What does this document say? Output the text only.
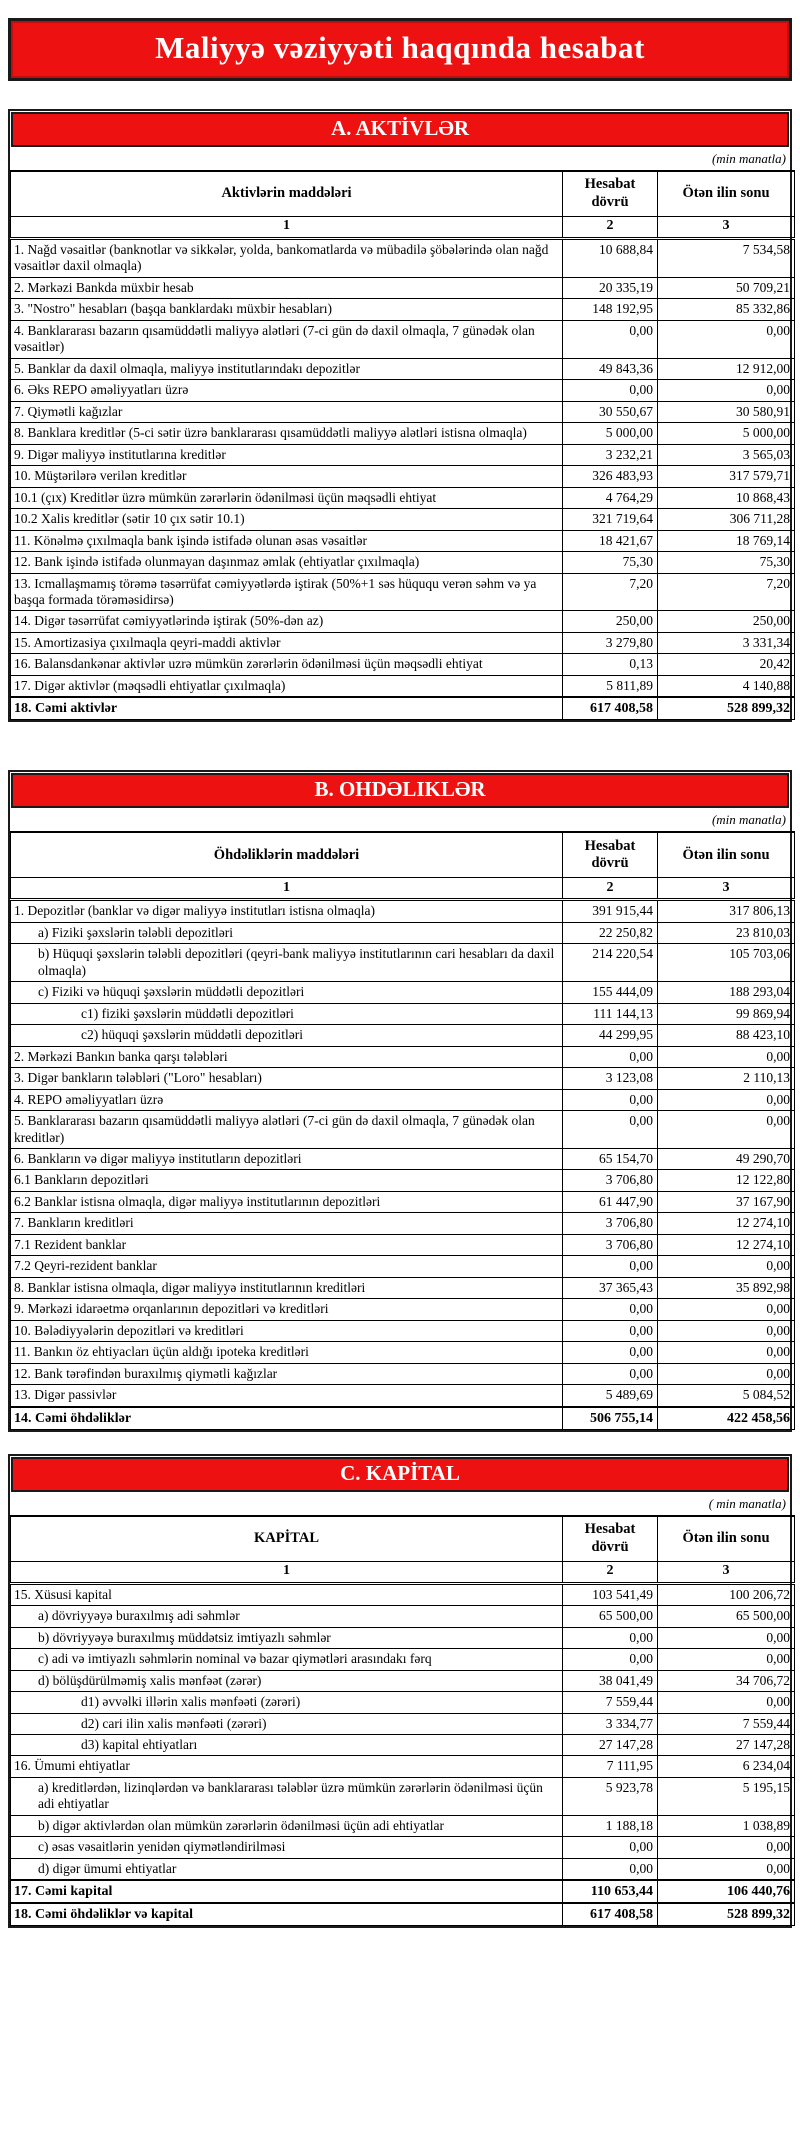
Maliyyə vəziyyəti haqqında hesabat
A. AKTİVLƏR
(min manatla)
Aktivlərin maddələri	Hesabat dövrü	Ötən ilin sonu
1	2	3
1. Nağd vəsaitlər (banknotlar və sikkələr, yolda, bankomatlarda və mübadilə şöbələrində olan nağd vəsaitlər daxil olmaqla)	10 688,84	7 534,58
2. Mərkəzi Bankda müxbir hesab	20 335,19	50 709,21
3. "Nostro" hesabları (başqa banklardakı müxbir hesabları)	148 192,95	85 332,86
4. Banklararası bazarın qısamüddətli maliyyə alətləri (7-ci gün də daxil olmaqla, 7 günədək olan vəsaitlər)	0,00	0,00
5. Banklar da daxil olmaqla, maliyyə institutlarındakı depozitlər	49 843,36	12 912,00
6. Əks REPO əməliyyatları üzrə	0,00	0,00
7. Qiymətli kağızlar	30 550,67	30 580,91
8. Banklara kreditlər (5-ci sətir üzrə banklararası qısamüddətli maliyyə alətləri istisna olmaqla)	5 000,00	5 000,00
9. Digər maliyyə institutlarına kreditlər	3 232,21	3 565,03
10. Müştərilərə verilən kreditlər	326 483,93	317 579,71
10.1 (çıx) Kreditlər üzrə mümkün zərərlərin ödənilməsi üçün məqsədli ehtiyat	4 764,29	10 868,43
10.2 Xalis kreditlər (sətir 10 çıx sətir 10.1)	321 719,64	306 711,28
11. Könəlmə çıxılmaqla bank işində istifadə olunan əsas vəsaitlər	18 421,67	18 769,14
12. Bank işində istifadə olunmayan daşınmaz əmlak (ehtiyatlar çıxılmaqla)	75,30	75,30
13. Icmallaşmamış törəmə təsərrüfat cəmiyyətlərdə iştirak (50%+1 səs hüququ verən səhm və ya başqa formada törəməsidirsə)	7,20	7,20
14. Digər təsərrüfat cəmiyyətlərində iştirak (50%-dən az)	250,00	250,00
15. Amortizasiya çıxılmaqla qeyri-maddi aktivlər	3 279,80	3 331,34
16. Balansdankənar aktivlər uzrə mümkün zərərlərin ödənilməsi üçün məqsədli ehtiyat	0,13	20,42
17. Digər aktivlər (məqsədli ehtiyatlar çıxılmaqla)	5 811,89	4 140,88
18. Cəmi aktivlər	617 408,58	528 899,32
B. OHDƏLIKLƏR
(min manatla)
Öhdəliklərin maddələri	Hesabat dövrü	Ötən ilin sonu
1	2	3
1. Depozitlər (banklar və digər maliyyə institutları istisna olmaqla)	391 915,44	317 806,13
a) Fiziki şəxslərin tələbli depozitləri	22 250,82	23 810,03
b) Hüquqi şəxslərin tələbli depozitləri (qeyri-bank maliyyə institutlarının cari hesabları da daxil olmaqla)	214 220,54	105 703,06
c) Fiziki və hüquqi şəxslərin müddətli depozitləri	155 444,09	188 293,04
c1) fiziki şəxslərin müddətli depozitləri	111 144,13	99 869,94
c2) hüquqi şəxslərin müddətli depozitləri	44 299,95	88 423,10
2. Mərkəzi Bankın banka qarşı tələbləri	0,00	0,00
3. Digər bankların tələbləri ("Loro" hesabları)	3 123,08	2 110,13
4. REPO əməliyyatları üzrə	0,00	0,00
5. Banklararası bazarın qısamüddətli maliyyə alətləri (7-ci gün də daxil olmaqla, 7 günədək olan kreditlər)	0,00	0,00
6. Bankların və digər maliyyə institutların depozitləri	65 154,70	49 290,70
6.1 Bankların depozitləri	3 706,80	12 122,80
6.2 Banklar istisna olmaqla, digər maliyyə institutlarının depozitləri	61 447,90	37 167,90
7. Bankların kreditləri	3 706,80	12 274,10
7.1 Rezident banklar	3 706,80	12 274,10
7.2 Qeyri-rezident banklar	0,00	0,00
8. Banklar istisna olmaqla, digər maliyyə institutlarının kreditləri	37 365,43	35 892,98
9. Mərkəzi idarəetmə orqanlarının depozitləri və kreditləri	0,00	0,00
10. Bələdiyyələrin depozitləri və kreditləri	0,00	0,00
11. Bankın öz ehtiyacları üçün aldığı ipoteka kreditləri	0,00	0,00
12. Bank tərəfindən buraxılmış qiymətli kağızlar	0,00	0,00
13. Digər passivlər	5 489,69	5 084,52
14. Cəmi öhdəliklər	506 755,14	422 458,56
C. KAPİTAL
( min manatla)
KAPİTAL	Hesabat dövrü	Ötən ilin sonu
1	2	3
15. Xüsusi kapital	103 541,49	100 206,72
a) dövriyyəyə buraxılmış adi səhmlər	65 500,00	65 500,00
b) dövriyyəyə buraxılmış müddətsiz imtiyazlı səhmlər	0,00	0,00
c) adi və imtiyazlı səhmlərin nominal və bazar qiymətləri arasındakı fərq	0,00	0,00
d) bölüşdürülməmiş xalis mənfəət (zərər)	38 041,49	34 706,72
d1) əvvəlki illərin xalis mənfəəti (zərəri)	7 559,44	0,00
d2) cari ilin xalis mənfəəti (zərəri)	3 334,77	7 559,44
d3) kapital ehtiyatları	27 147,28	27 147,28
16. Ümumi ehtiyatlar	7 111,95	6 234,04
a) kreditlərdən, lizinqlərdən və banklararası tələblər üzrə mümkün zərərlərin ödənilməsi üçün adi ehtiyatlar	5 923,78	5 195,15
b) digər aktivlərdən olan mümkün zərərlərin ödənilməsi üçün adi ehtiyatlar	1 188,18	1 038,89
c) əsas vəsaitlərin yenidən qiymətləndirilməsi	0,00	0,00
d) digər ümumi ehtiyatlar	0,00	0,00
17. Cəmi kapital	110 653,44	106 440,76
18. Cəmi öhdəliklər və kapital	617 408,58	528 899,32
